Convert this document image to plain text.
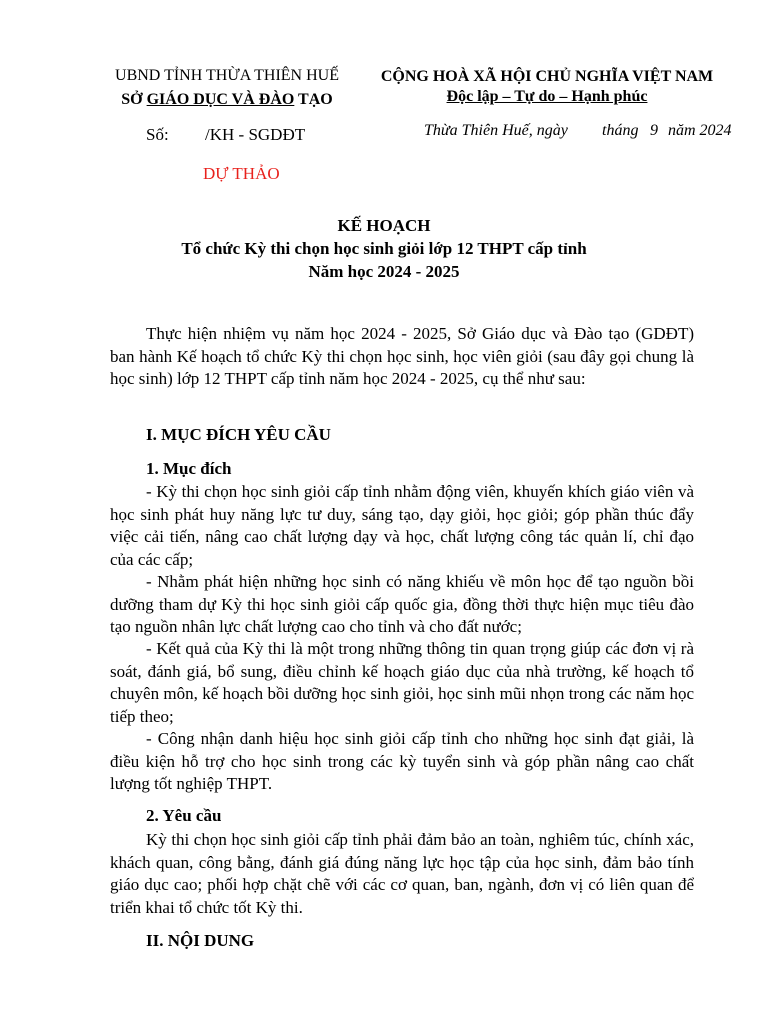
UBND TỈNH THỪA THIÊN HUẾ
SỞ GIÁO DỤC VÀ ĐÀO TẠO
CỘNG HOÀ XÃ HỘI CHỦ NGHĨA VIỆT NAM
Độc lập – Tự do – Hạnh phúc
Số: /KH - SGDĐT	Thừa Thiên Huế, ngày tháng 9 năm 2024
DỰ THẢO
KẾ HOẠCH
Tổ chức Kỳ thi chọn học sinh giỏi lớp 12 THPT cấp tỉnh
Năm học 2024 - 2025
Thực hiện nhiệm vụ năm học 2024 - 2025, Sở Giáo dục và Đào tạo (GDĐT) ban hành Kế hoạch tổ chức Kỳ thi chọn học sinh, học viên giỏi (sau đây gọi chung là học sinh) lớp 12 THPT cấp tỉnh năm học 2024 - 2025, cụ thể như sau:
I. MỤC ĐÍCH YÊU CẦU
1. Mục đích
- Kỳ thi chọn học sinh giỏi cấp tỉnh nhằm động viên, khuyến khích giáo viên và học sinh phát huy năng lực tư duy, sáng tạo, dạy giỏi, học giỏi; góp phần thúc đẩy việc cải tiến, nâng cao chất lượng dạy và học, chất lượng công tác quản lí, chỉ đạo của các cấp;
- Nhằm phát hiện những học sinh có năng khiếu về môn học để tạo nguồn bồi dưỡng tham dự Kỳ thi học sinh giỏi cấp quốc gia, đồng thời thực hiện mục tiêu đào tạo nguồn nhân lực chất lượng cao cho tỉnh và cho đất nước;
- Kết quả của Kỳ thi là một trong những thông tin quan trọng giúp các đơn vị rà soát, đánh giá, bổ sung, điều chỉnh kế hoạch giáo dục của nhà trường, kế hoạch tổ chuyên môn, kế hoạch bồi dưỡng học sinh giỏi, học sinh mũi nhọn trong các năm học tiếp theo;
- Công nhận danh hiệu học sinh giỏi cấp tỉnh cho những học sinh đạt giải, là điều kiện hỗ trợ cho học sinh trong các kỳ tuyển sinh và góp phần nâng cao chất lượng tốt nghiệp THPT.
2. Yêu cầu
Kỳ thi chọn học sinh giỏi cấp tỉnh phải đảm bảo an toàn, nghiêm túc, chính xác, khách quan, công bằng, đánh giá đúng năng lực học tập của học sinh, đảm bảo tính giáo dục cao; phối hợp chặt chẽ với các cơ quan, ban, ngành, đơn vị có liên quan để triển khai tổ chức tốt Kỳ thi.
II. NỘI DUNG
